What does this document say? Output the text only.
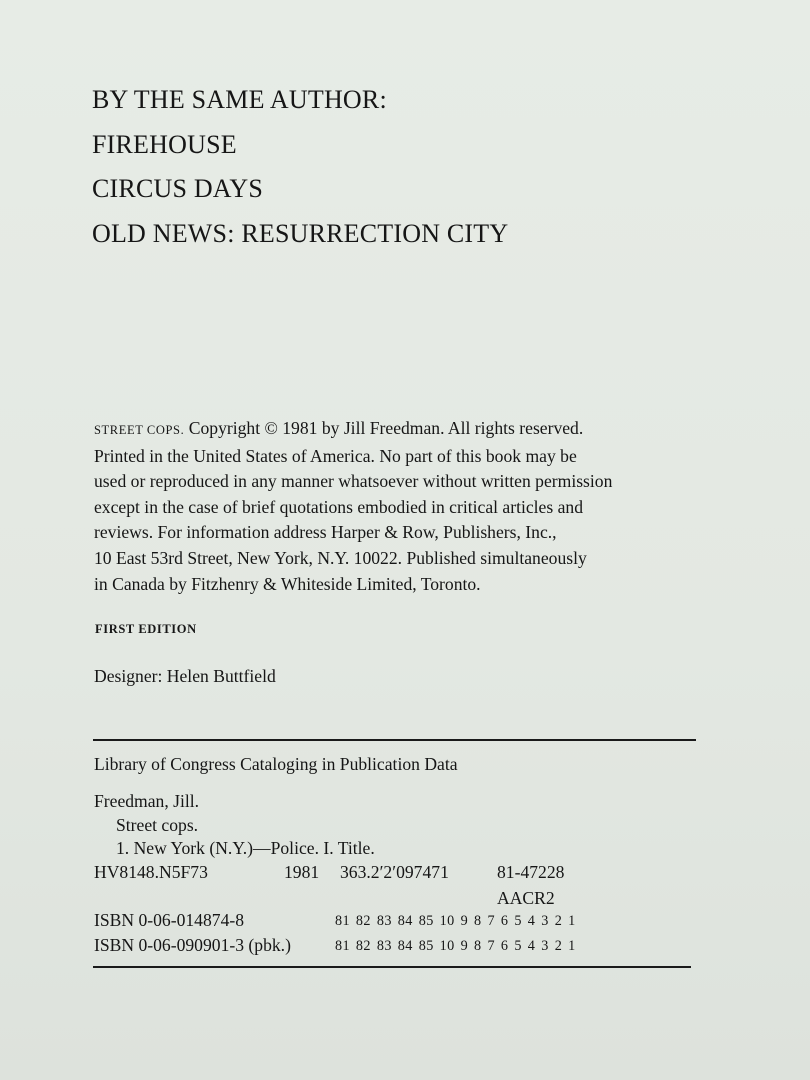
BY THE SAME AUTHOR:
FIREHOUSE
CIRCUS DAYS
OLD NEWS: RESURRECTION CITY
STREET COPS. Copyright © 1981 by Jill Freedman. All rights reserved.
Printed in the United States of America. No part of this book may be
used or reproduced in any manner whatsoever without written permission
except in the case of brief quotations embodied in critical articles and
reviews. For information address Harper & Row, Publishers, Inc.,
10 East 53rd Street, New York, N.Y. 10022. Published simultaneously
in Canada by Fitzhenry & Whiteside Limited, Toronto.
FIRST EDITION
Designer: Helen Buttfield
Library of Congress Cataloging in Publication Data
Freedman, Jill.
Street cops.
1. New York (N.Y.)—Police. I. Title.
HV8148.N5F73	1981 363.2′2′097471	81-47228
AACR2
ISBN 0-06-014874-8	81 82 83 84 85 10 9 8 7 6 5 4 3 2 1
ISBN 0-06-090901-3 (pbk.)	81 82 83 84 85 10 9 8 7 6 5 4 3 2 1
